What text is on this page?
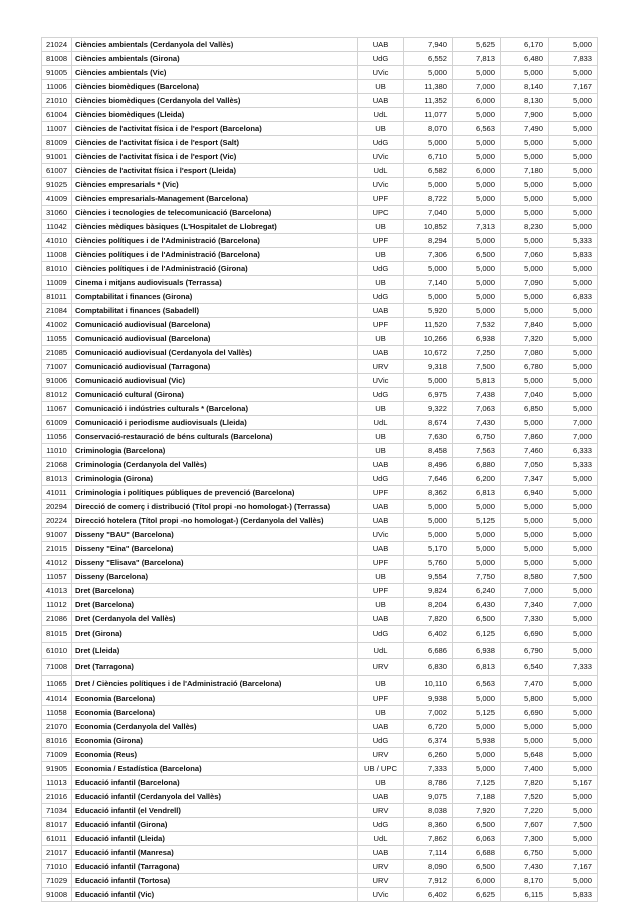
21024	Ciències ambientals (Cerdanyola del Vallès)	UAB	7,940	5,625	6,170	5,000
81008	Ciències ambientals (Girona)	UdG	6,552	7,813	6,480	7,833
91005	Ciències ambientals (Vic)	UVic	5,000	5,000	5,000	5,000
11006	Ciències biomèdiques (Barcelona)	UB	11,380	7,000	8,140	7,167
21010	Ciències biomèdiques (Cerdanyola del Vallès)	UAB	11,352	6,000	8,130	5,000
61004	Ciències biomèdiques (Lleida)	UdL	11,077	5,000	7,900	5,000
11007	Ciències de l'activitat física i de l'esport (Barcelona)	UB	8,070	6,563	7,490	5,000
81009	Ciències de l'activitat física i de l'esport (Salt)	UdG	5,000	5,000	5,000	5,000
91001	Ciències de l'activitat física i de l'esport (Vic)	UVic	6,710	5,000	5,000	5,000
61007	Ciències de l'activitat física i l'esport (Lleida)	UdL	6,582	6,000	7,180	5,000
91025	Ciències empresarials * (Vic)	UVic	5,000	5,000	5,000	5,000
41009	Ciències empresarials-Management (Barcelona)	UPF	8,722	5,000	5,000	5,000
31060	Ciències i tecnologies de telecomunicació (Barcelona)	UPC	7,040	5,000	5,000	5,000
11042	Ciències mèdiques bàsiques (L'Hospitalet de Llobregat)	UB	10,852	7,313	8,230	5,000
41010	Ciències polítiques i de l'Administració (Barcelona)	UPF	8,294	5,000	5,000	5,333
11008	Ciències polítiques i de l'Administració (Barcelona)	UB	7,306	6,500	7,060	5,833
81010	Ciències polítiques i de l'Administració (Girona)	UdG	5,000	5,000	5,000	5,000
11009	Cinema i mitjans audiovisuals (Terrassa)	UB	7,140	5,000	7,090	5,000
81011	Comptabilitat i finances (Girona)	UdG	5,000	5,000	5,000	6,833
21084	Comptabilitat i finances (Sabadell)	UAB	5,920	5,000	5,000	5,000
41002	Comunicació audiovisual (Barcelona)	UPF	11,520	7,532	7,840	5,000
11055	Comunicació audiovisual (Barcelona)	UB	10,266	6,938	7,320	5,000
21085	Comunicació audiovisual (Cerdanyola del Vallès)	UAB	10,672	7,250	7,080	5,000
71007	Comunicació audiovisual (Tarragona)	URV	9,318	7,500	6,780	5,000
91006	Comunicació audiovisual (Vic)	UVic	5,000	5,813	5,000	5,000
81012	Comunicació cultural (Girona)	UdG	6,975	7,438	7,040	5,000
11067	Comunicació i indústries culturals * (Barcelona)	UB	9,322	7,063	6,850	5,000
61009	Comunicació i periodisme audiovisuals (Lleida)	UdL	8,674	7,430	5,000	7,000
11056	Conservació-restauració de béns culturals (Barcelona)	UB	7,630	6,750	7,860	7,000
11010	Criminologia (Barcelona)	UB	8,458	7,563	7,460	6,333
21068	Criminologia (Cerdanyola del Vallès)	UAB	8,496	6,880	7,050	5,333
81013	Criminologia (Girona)	UdG	7,646	6,200	7,347	5,000
41011	Criminologia i polítiques públiques de prevenció (Barcelona)	UPF	8,362	6,813	6,940	5,000
20294	Direcció de comerç i distribució (Títol propi -no homologat-) (Terrassa)	UAB	5,000	5,000	5,000	5,000
20224	Direcció hotelera (Títol propi -no homologat-) (Cerdanyola del Vallès)	UAB	5,000	5,125	5,000	5,000
91007	Disseny "BAU" (Barcelona)	UVic	5,000	5,000	5,000	5,000
21015	Disseny "Eina" (Barcelona)	UAB	5,170	5,000	5,000	5,000
41012	Disseny "Elisava" (Barcelona)	UPF	5,760	5,000	5,000	5,000
11057	Disseny (Barcelona)	UB	9,554	7,750	8,580	7,500
41013	Dret (Barcelona)	UPF	9,824	6,240	7,000	5,000
11012	Dret (Barcelona)	UB	8,204	6,430	7,340	7,000
21086	Dret (Cerdanyola del Vallès)	UAB	7,820	6,500	7,330	5,000
81015	Dret (Girona)	UdG	6,402	6,125	6,690	5,000
61010	Dret (Lleida)	UdL	6,686	6,938	6,790	5,000
71008	Dret (Tarragona)	URV	6,830	6,813	6,540	7,333
11065	Dret / Ciències polítiques i de l'Administració (Barcelona)	UB	10,110	6,563	7,470	5,000
41014	Economia (Barcelona)	UPF	9,938	5,000	5,800	5,000
11058	Economia (Barcelona)	UB	7,002	5,125	6,690	5,000
21070	Economia (Cerdanyola del Vallès)	UAB	6,720	5,000	5,000	5,000
81016	Economia (Girona)	UdG	6,374	5,938	5,000	5,000
71009	Economia (Reus)	URV	6,260	5,000	5,648	5,000
91905	Economia / Estadística (Barcelona)	UB / UPC	7,333	5,000	7,400	5,000
11013	Educació infantil (Barcelona)	UB	8,786	7,125	7,820	5,167
21016	Educació infantil (Cerdanyola del Vallès)	UAB	9,075	7,188	7,520	5,000
71034	Educació infantil (el Vendrell)	URV	8,038	7,920	7,220	5,000
81017	Educació infantil (Girona)	UdG	8,360	6,500	7,607	7,500
61011	Educació infantil (Lleida)	UdL	7,862	6,063	7,300	5,000
21017	Educació infantil (Manresa)	UAB	7,114	6,688	6,750	5,000
71010	Educació infantil (Tarragona)	URV	8,090	6,500	7,430	7,167
71029	Educació infantil (Tortosa)	URV	7,912	6,000	8,170	5,000
91008	Educació infantil (Vic)	UVic	6,402	6,625	6,115	5,833
